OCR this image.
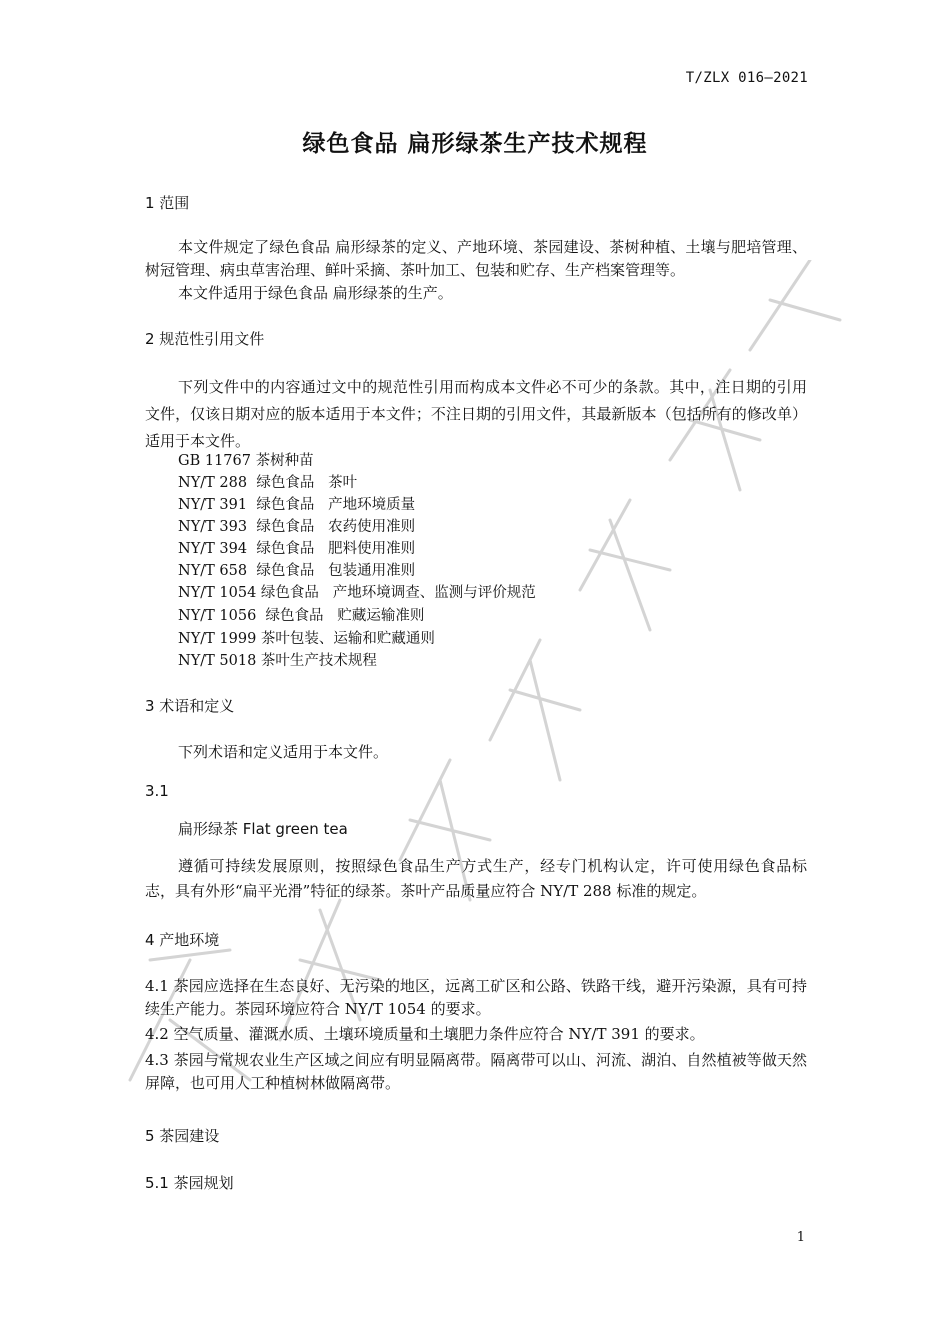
T/ZLX 016—2021
绿色食品 扁形绿茶生产技术规程
1 范围
本文件规定了绿色食品 扁形绿茶的定义、产地环境、茶园建设、茶树种植、土壤与肥培管理、树冠管理、病虫草害治理、鲜叶采摘、茶叶加工、包装和贮存、生产档案管理等。
本文件适用于绿色食品 扁形绿茶的生产。
2 规范性引用文件
下列文件中的内容通过文中的规范性引用而构成本文件必不可少的条款。其中，注日期的引用文件，仅该日期对应的版本适用于本文件；不注日期的引用文件，其最新版本（包括所有的修改单）适用于本文件。
GB 11767 茶树种苗
NY/T 288  绿色食品   茶叶
NY/T 391  绿色食品   产地环境质量
NY/T 393  绿色食品   农药使用准则
NY/T 394  绿色食品   肥料使用准则
NY/T 658  绿色食品   包装通用准则
NY/T 1054 绿色食品   产地环境调查、监测与评价规范
NY/T 1056  绿色食品   贮藏运输准则
NY/T 1999 茶叶包装、运输和贮藏通则
NY/T 5018 茶叶生产技术规程
3 术语和定义
下列术语和定义适用于本文件。
3.1
扁形绿茶 Flat green tea
遵循可持续发展原则，按照绿色食品生产方式生产，经专门机构认定，许可使用绿色食品标志，具有外形“扁平光滑”特征的绿茶。茶叶产品质量应符合 NY/T 288 标准的规定。
4 产地环境
4.1 茶园应选择在生态良好、无污染的地区，远离工矿区和公路、铁路干线，避开污染源，具有可持续生产能力。茶园环境应符合 NY/T 1054 的要求。
4.2 空气质量、灌溉水质、土壤环境质量和土壤肥力条件应符合 NY/T 391 的要求。
4.3 茶园与常规农业生产区域之间应有明显隔离带。隔离带可以山、河流、湖泊、自然植被等做天然屏障，也可用人工种植树林做隔离带。
5 茶园建设
5.1 茶园规划
1
